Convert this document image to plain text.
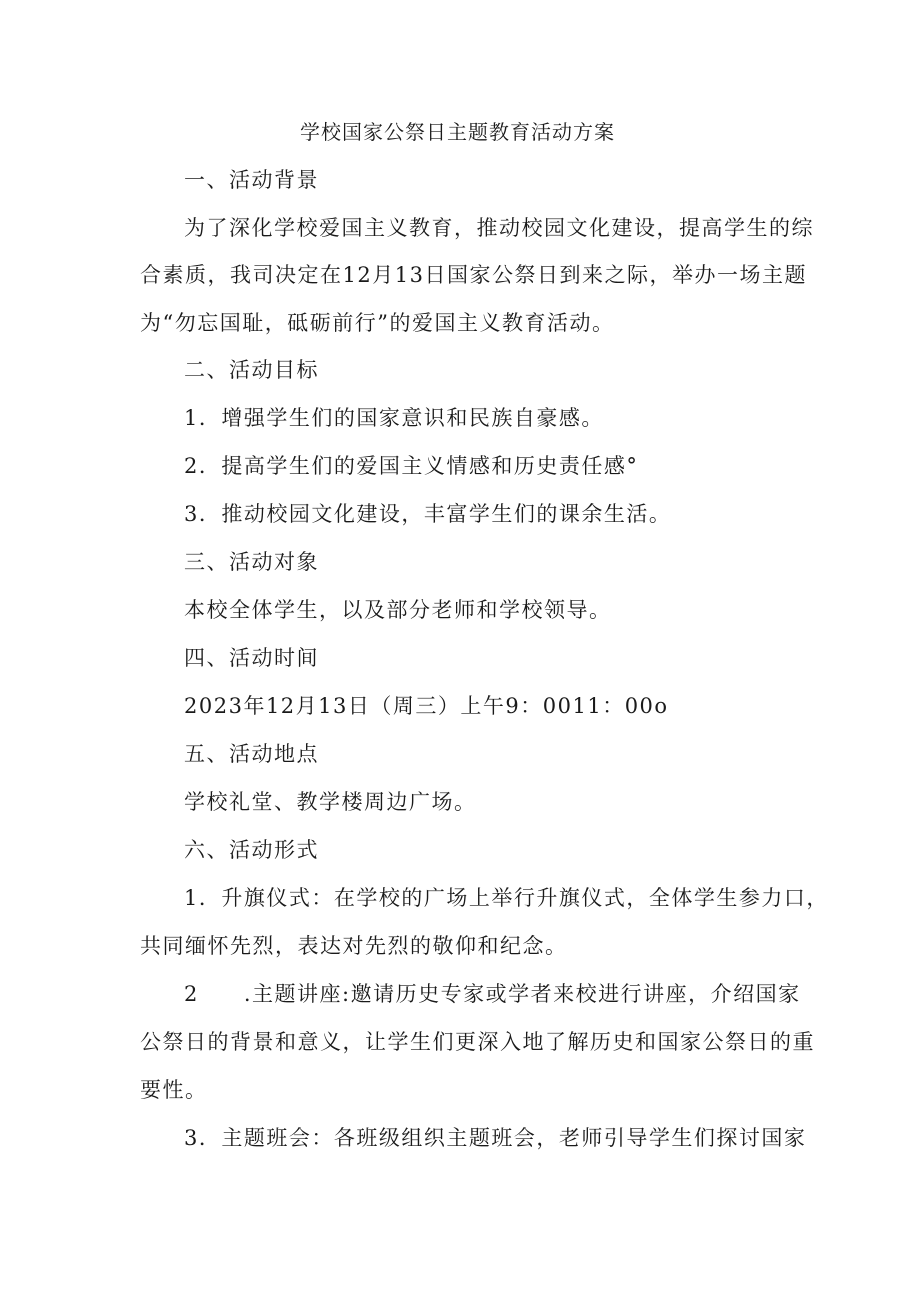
学校国家公祭日主题教育活动方案
一、活动背景
为了深化学校爱国主义教育，推动校园文化建设，提高学生的综
合素质，我司决定在12月13日国家公祭日到来之际，举办一场主题
为“勿忘国耻，砥砺前行”的爱国主义教育活动。
二、活动目标
1．增强学生们的国家意识和民族自豪感。
2．提高学生们的爱国主义情感和历史责任感°
3．推动校园文化建设，丰富学生们的课余生活。
三、活动对象
本校全体学生，以及部分老师和学校领导。
四、活动时间
2023年12月13日（周三）上午9：0011：00o
五、活动地点
学校礼堂、教学楼周边广场。
六、活动形式
1．升旗仪式：在学校的广场上举行升旗仪式，全体学生参力口，
共同缅怀先烈，表达对先烈的敬仰和纪念。
2　　.主题讲座:邀请历史专家或学者来校进行讲座，介绍国家
公祭日的背景和意义，让学生们更深入地了解历史和国家公祭日的重
要性。
3．主题班会：各班级组织主题班会，老师引导学生们探讨国家
